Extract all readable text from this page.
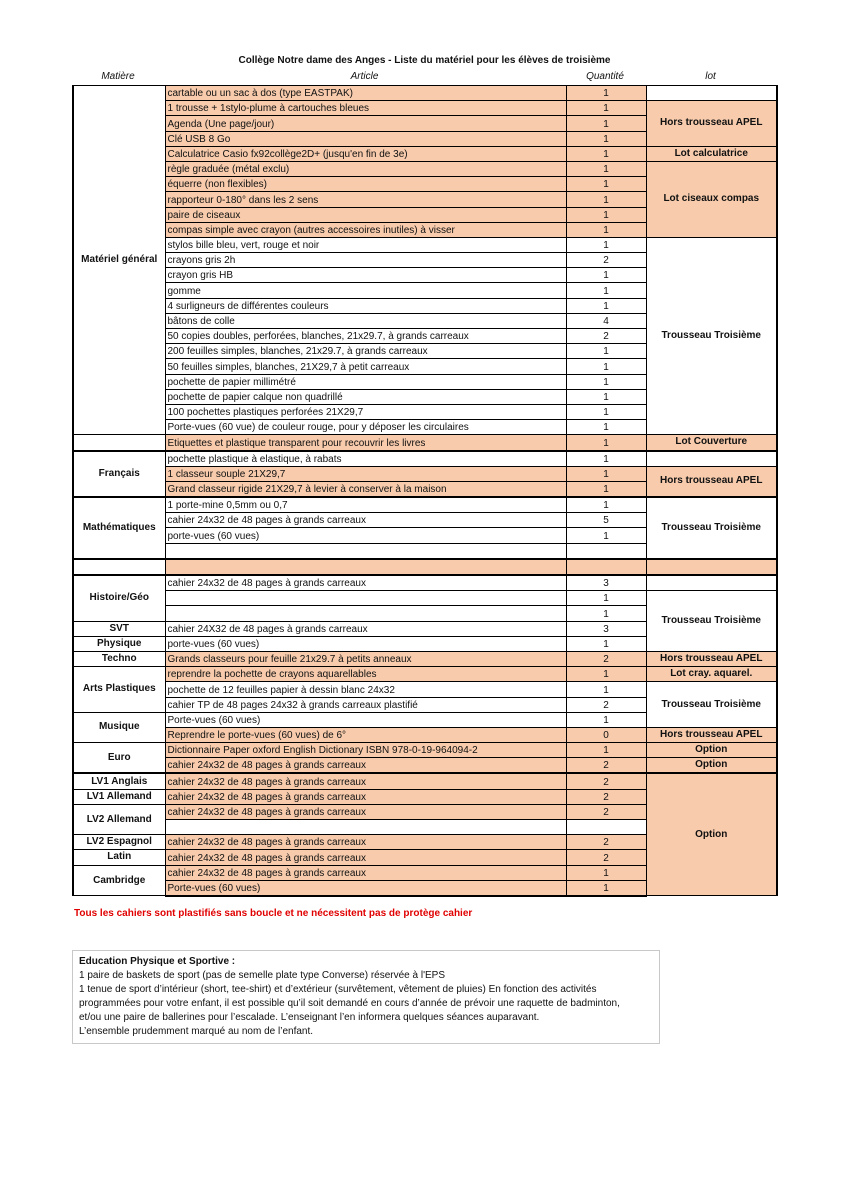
Collège Notre dame des Anges - Liste du matériel pour les élèves de troisième
Matière	Article	Quantité	lot
Matériel général	cartable ou un sac à dos (type EASTPAK)	1	
	1 trousse + 1stylo-plume à cartouches bleues	1	Hors trousseau APEL
	Agenda (Une page/jour)	1	
	Clé USB 8 Go	1	
	Calculatrice Casio fx92collège2D+ (jusqu'en fin de 3e)	1	Lot calculatrice
	règle graduée (métal exclu)	1	Lot ciseaux compas
	équerre (non flexibles)	1	
	rapporteur 0-180° dans les 2 sens	1	
	paire de ciseaux	1	
	compas simple avec crayon (autres accessoires inutiles) à visser	1	
	stylos bille bleu, vert, rouge et noir	1	Trousseau Troisième
	crayons gris 2h	2	
	crayon gris HB	1	
	gomme	1	
	4 surligneurs de différentes couleurs	1	
	bâtons de colle	4	
	50 copies doubles, perforées, blanches, 21x29.7, à grands carreaux	2	
	200 feuilles simples, blanches, 21x29.7, à grands carreaux	1	
	50 feuilles simples, blanches, 21X29,7 à petit carreaux	1	
	pochette de papier millimétré	1	
	pochette de papier calque non quadrillé	1	
	100 pochettes plastiques perforées 21X29,7	1	
	Porte-vues (60 vue) de couleur rouge, pour y déposer les circulaires	1	
	Etiquettes et plastique transparent pour recouvrir les livres	1	Lot Couverture
Français	pochette plastique à elastique, à rabats	1	
	1 classeur souple 21X29,7	1	Hors trousseau APEL
	Grand classeur rigide 21X29,7 à levier à conserver à la maison	1	
Mathématiques	1 porte-mine 0,5mm ou 0,7	1	Trousseau Troisième
	cahier 24x32 de 48 pages à grands carreaux	5	
	porte-vues (60 vues)	1	

Histoire/Géo	cahier 24x32 de 48 pages à grands carreaux	3	
		1	Trousseau Troisième
		1	
SVT	cahier 24X32 de 48 pages à grands carreaux	3	
Physique	porte-vues (60 vues)	1	
Techno	Grands classeurs pour feuille 21x29.7 à petits anneaux	2	Hors trousseau APEL
Arts Plastiques	reprendre la pochette de crayons aquarellables	1	Lot cray. aquarel.
	pochette de 12 feuilles papier à dessin blanc 24x32	1	Trousseau Troisième
	cahier TP de 48 pages 24x32 à grands carreaux plastifié	2	
Musique	Porte-vues (60 vues)	1	
	Reprendre le porte-vues (60 vues) de 6°	0	Hors trousseau APEL
Euro	Dictionnaire Paper oxford English Dictionary ISBN 978-0-19-964094-2	1	Option
	cahier 24x32 de 48 pages à grands carreaux	2	Option
LV1 Anglais	cahier 24x32 de 48 pages à grands carreaux	2	Option
LV1 Allemand	cahier 24x32 de 48 pages à grands carreaux	2	
LV2 Allemand	cahier 24x32 de 48 pages à grands carreaux	2	

LV2 Espagnol	cahier 24x32 de 48 pages à grands carreaux	2	
Latin	cahier 24x32 de 48 pages à grands carreaux	2	
Cambridge	cahier 24x32 de 48 pages à grands carreaux	1	
	Porte-vues (60 vues)	1	
Tous les cahiers sont plastifiés sans boucle et ne nécessitent pas de protège cahier
Education Physique et Sportive :
1 paire de baskets de sport (pas de semelle plate type Converse) réservée à l'EPS
1 tenue de sport d’intérieur (short, tee-shirt) et d’extérieur (survêtement, vêtement de pluies) En fonction des activités
programmées pour votre enfant, il est possible qu’il soit demandé en cours d’année de prévoir une raquette de badminton,
et/ou une paire de ballerines pour l’escalade. L’enseignant l’en informera quelques séances auparavant.
L’ensemble prudemment marqué au nom de l’enfant.
